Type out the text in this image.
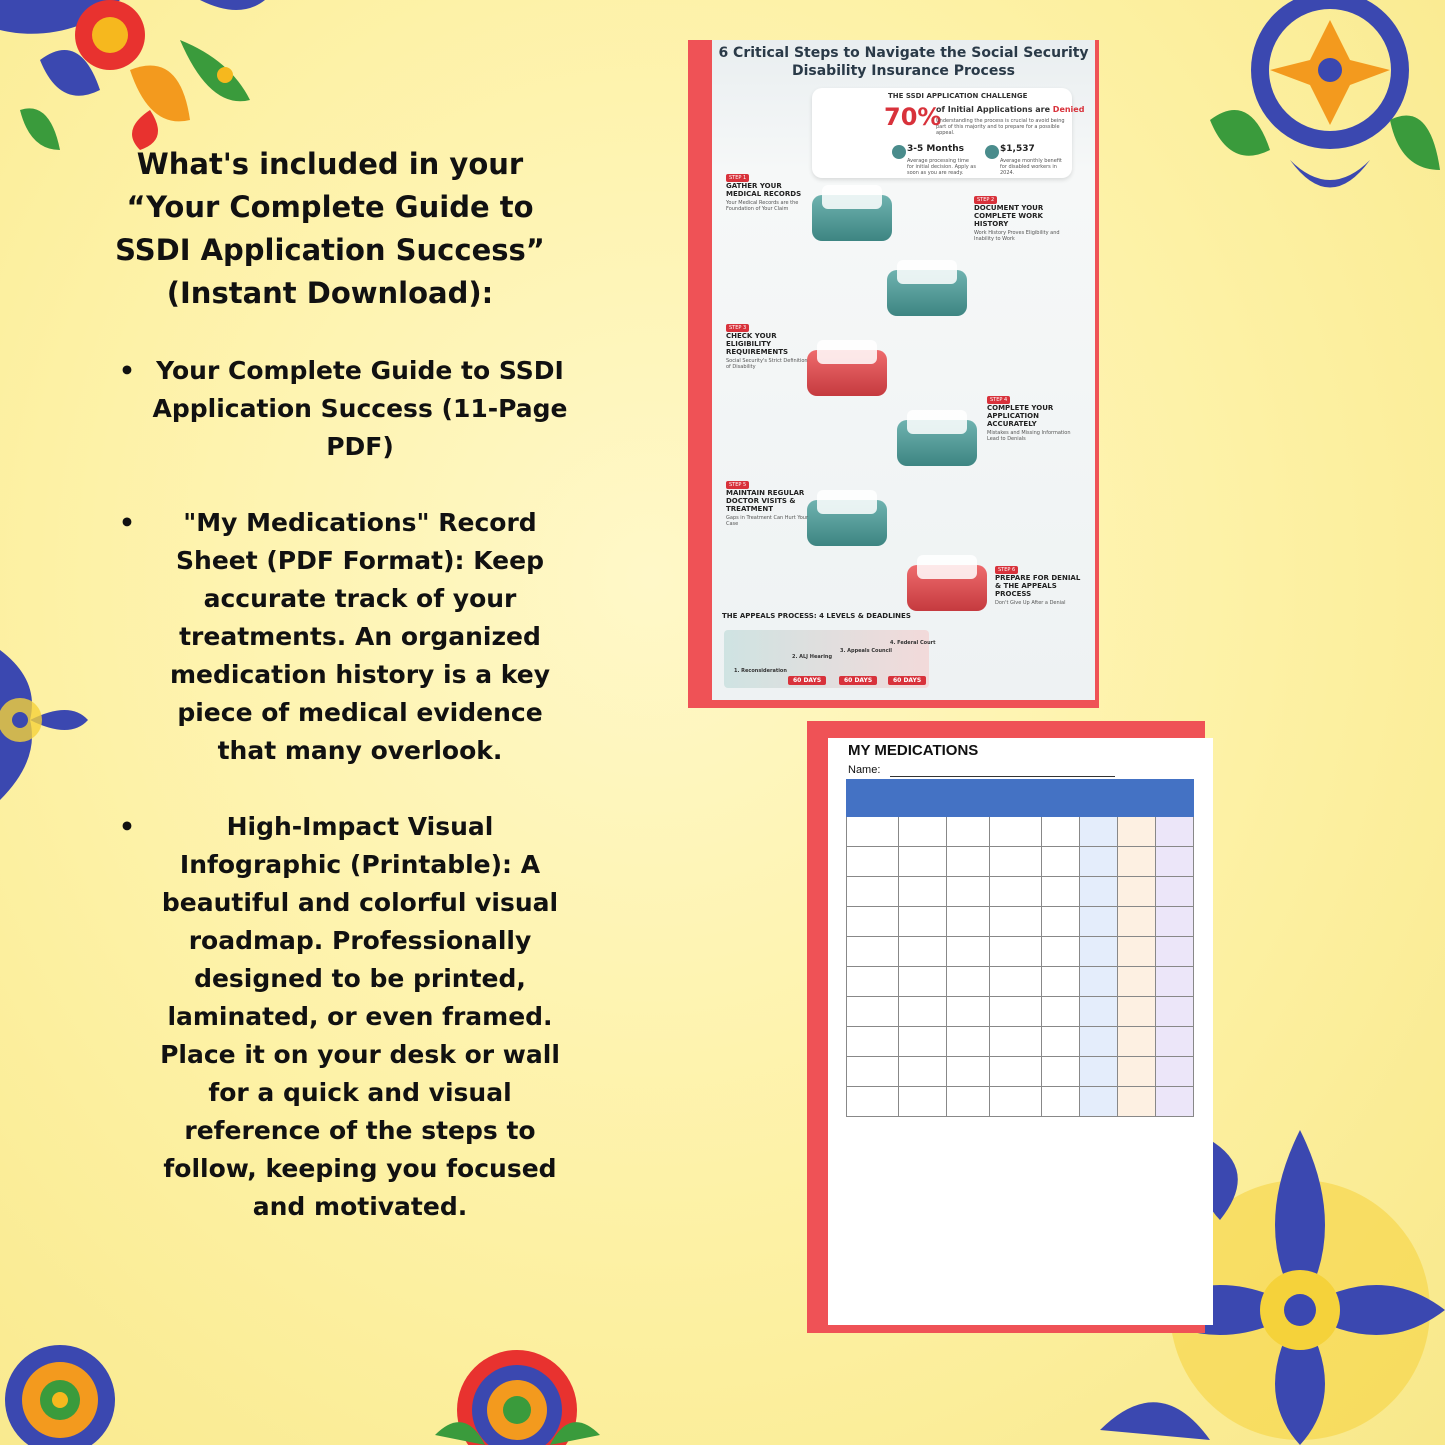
What's included in your “Your Complete Guide to SSDI Application Success” (Instant Download):
• Your Complete Guide to SSDI Application Success (11-Page PDF)
• "My Medications" Record Sheet (PDF Format): Keep accurate track of your treatments. An organized medication history is a key piece of medical evidence that many overlook.
• High-Impact Visual Infographic (Printable): A beautiful and colorful visual roadmap. Professionally designed to be printed, laminated, or even framed. Place it on your desk or wall for a quick and visual reference of the steps to follow, keeping you focused and motivated.
6 Critical Steps to Navigate the Social Security Disability Insurance Process
THE SSDI APPLICATION CHALLENGE
70%
of Initial Applications are Denied
Understanding the process is crucial to avoid being part of this majority and to prepare for a possible appeal.
3-5 Months
Average processing time for initial decision. Apply as soon as you are ready.
$1,537
Average monthly benefit for disabled workers in 2024.
STEP 1
GATHER YOUR MEDICAL RECORDS
Your Medical Records are the Foundation of Your Claim
STEP 2
DOCUMENT YOUR COMPLETE WORK HISTORY
Work History Proves Eligibility and Inability to Work
STEP 3
CHECK YOUR ELIGIBILITY REQUIREMENTS
Social Security's Strict Definition of Disability
STEP 4
COMPLETE YOUR APPLICATION ACCURATELY
Mistakes and Missing Information Lead to Denials
STEP 5
MAINTAIN REGULAR DOCTOR VISITS & TREATMENT
Gaps in Treatment Can Hurt Your Case
STEP 6
PREPARE FOR DENIAL & THE APPEALS PROCESS
Don't Give Up After a Denial
THE APPEALS PROCESS: 4 LEVELS & DEADLINES
1. Reconsideration
2. ALJ Hearing
3. Appeals Council
4. Federal Court
60 DAYS	60 DAYS	60 DAYS
MY MEDICATIONS
Name:
